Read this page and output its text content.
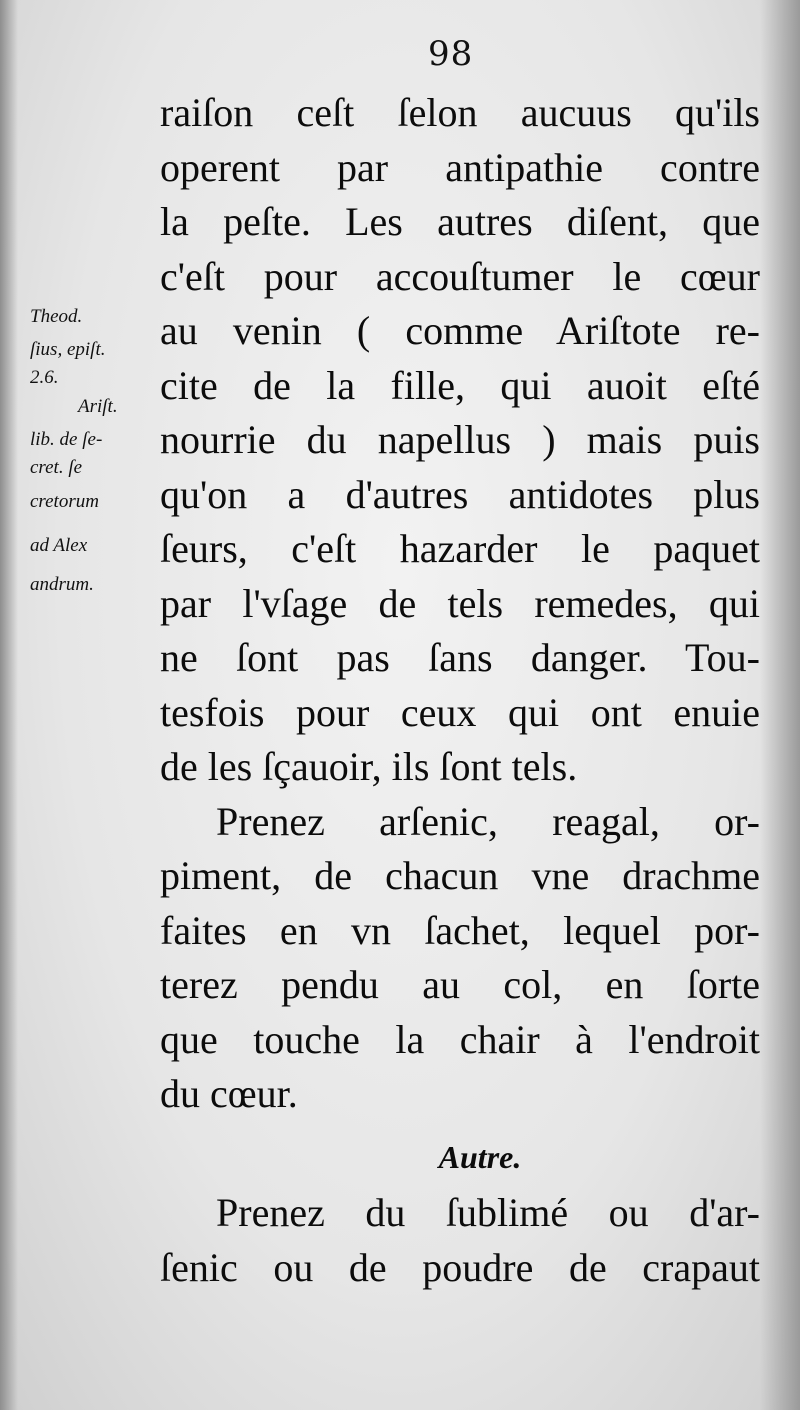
98
Theod.
ſius, epiſt.
2.6.
Ariſt.
lib. de ſe-
cret. ſe
cretorum
ad Alex
andrum.
raiſon ceſt ſelon aucuus qu'ils
operent par antipathie contre
la peſte. Les autres diſent, que
c'eſt pour accouſtumer le cœur
au venin ( comme Ariſtote re-
cite de la fille, qui auoit eſté
nourrie du napellus ) mais puis
qu'on a d'autres antidotes plus
ſeurs, c'eſt hazarder le paquet
par l'vſage de tels remedes, qui
ne ſont pas ſans danger. Tou-
tesfois pour ceux qui ont enuie
de les ſçauoir, ils ſont tels.
Prenez arſenic, reagal, or-
piment, de chacun vne drachme
faites en vn ſachet, lequel por-
terez pendu au col, en ſorte
que touche la chair à l'endroit
du cœur.
Autre.
Prenez du ſublimé ou d'ar-
ſenic ou de poudre de crapaut
